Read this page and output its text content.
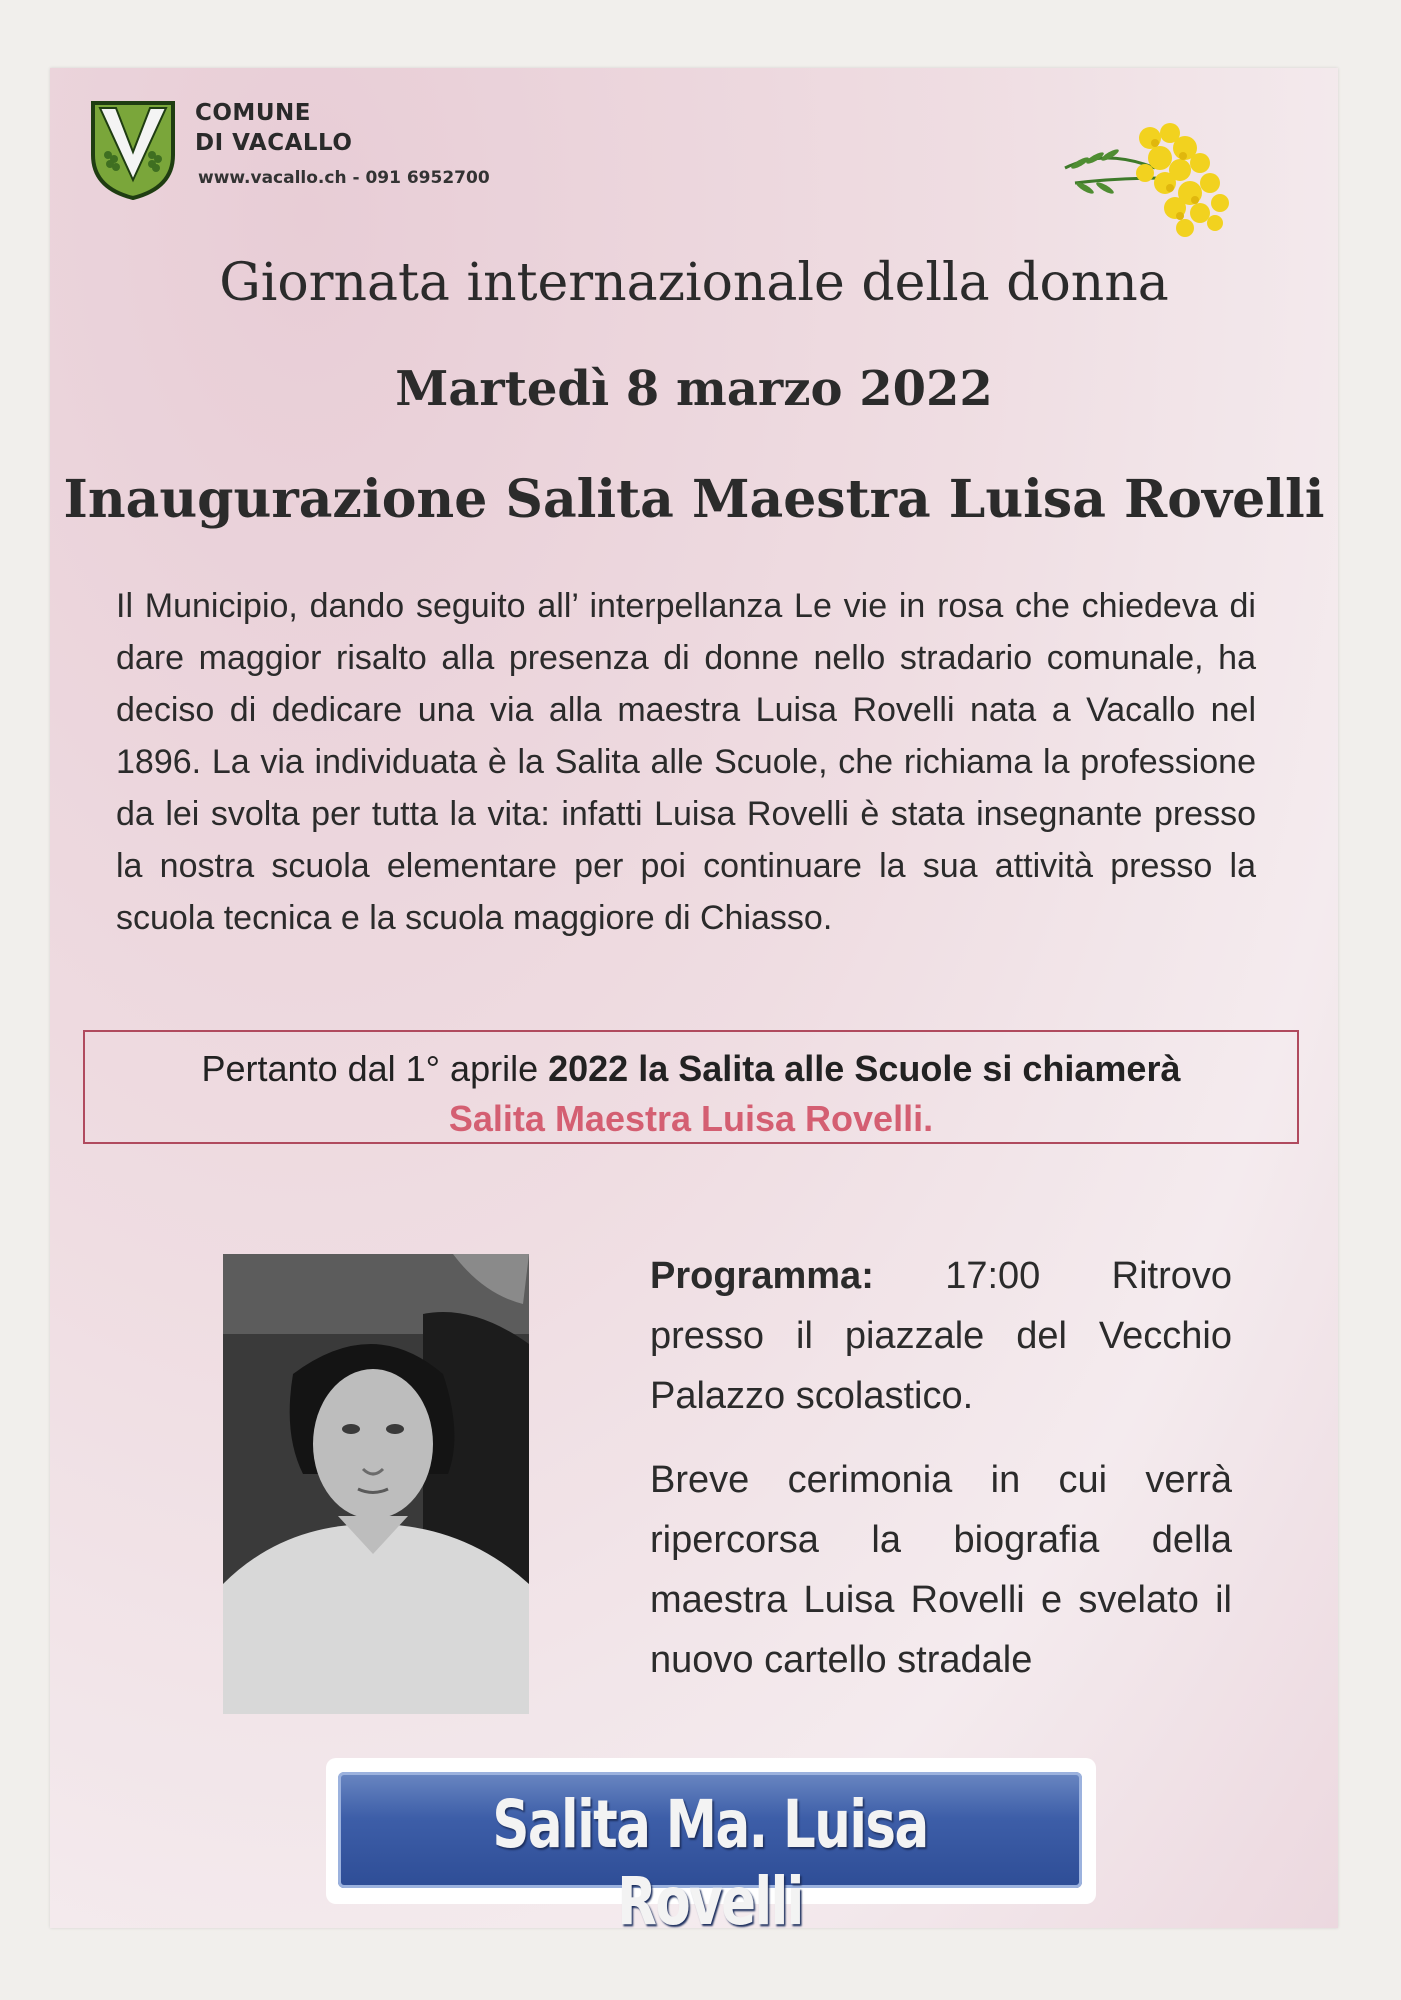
COMUNE
DI VACALLO
www.vacallo.ch - 091 6952700
Giornata internazionale della donna
Martedì 8 marzo 2022
Inaugurazione Salita Maestra Luisa Rovelli
Il Municipio, dando seguito all’ interpellanza Le vie in rosa che chiedeva di dare maggior risalto alla presenza di donne nello stradario comunale, ha deciso di dedicare una via alla maestra Luisa Rovelli nata a Vacallo nel 1896. La via individuata è la Salita alle Scuole, che richiama la professione da lei svolta per tutta la vita: infatti Luisa Rovelli è stata insegnante presso la nostra scuola elementare per poi continuare la sua attività presso la scuola tecnica e la scuola maggiore di Chiasso.
Pertanto dal 1° aprile 2022 la Salita alle Scuole si chiamerà
Salita Maestra Luisa Rovelli.

Programma: 17:00 Ritrovo presso il piazzale del Vecchio Palazzo scolastico.

Breve cerimonia in cui verrà ripercorsa la biografia della maestra Luisa Rovelli e svelato il nuovo cartello stradale

Salita Ma. Luisa Rovelli
